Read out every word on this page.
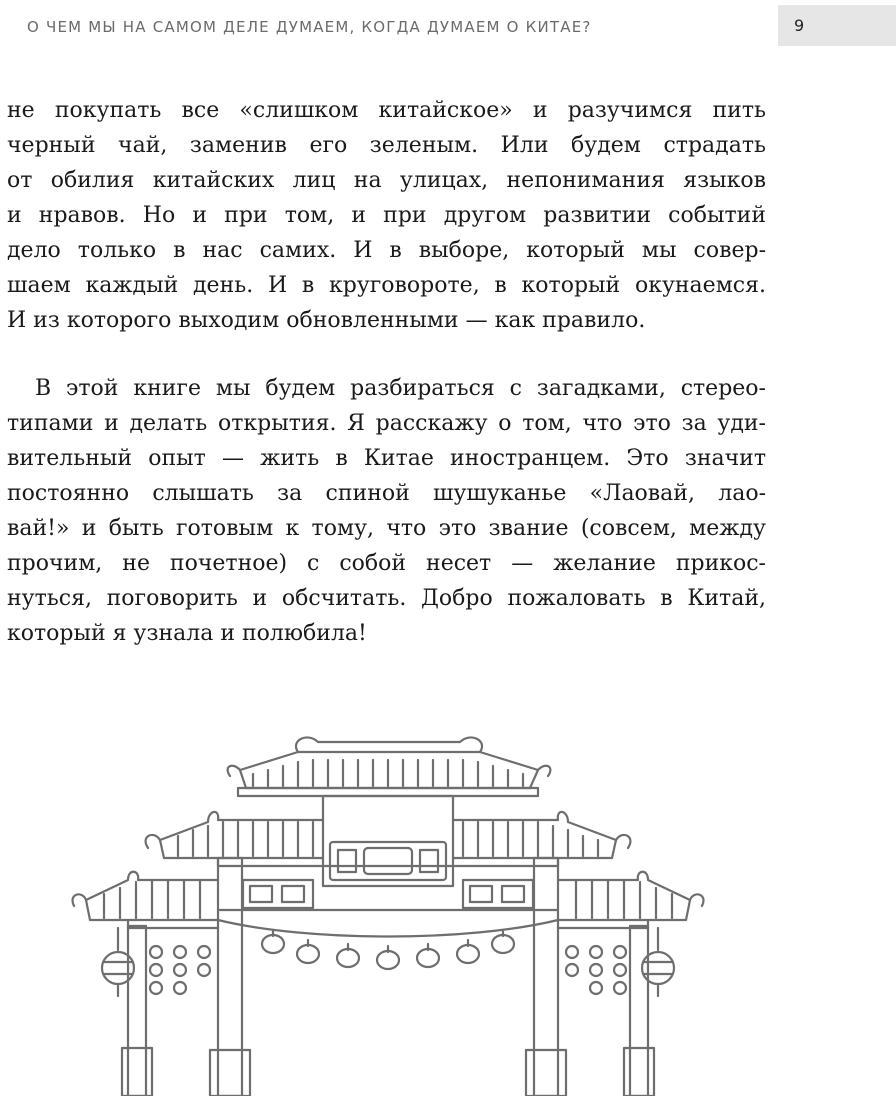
О ЧЕМ МЫ НА САМОМ ДЕЛЕ ДУМАЕМ, КОГДА ДУМАЕМ О КИТАЕ?	9
не покупать все «слишком китайское» и разучимся пить
черный чай, заменив его зеленым. Или будем страдать
от обилия китайских лиц на улицах, непонимания языков
и нравов. Но и при том, и при другом развитии событий
дело только в нас самих. И в выборе, который мы совер-
шаем каждый день. И в круговороте, в который окунаемся.
И из которого выходим обновленными — как правило.
В этой книге мы будем разбираться с загадками, стерео-
типами и делать открытия. Я расскажу о том, что это за уди-
вительный опыт — жить в Китае иностранцем. Это значит
постоянно слышать за спиной шушуканье «Лаовай, лао-
вай!» и быть готовым к тому, что это звание (совсем, между
прочим, не почетное) с собой несет — желание прикос-
нуться, поговорить и обсчитать. Добро пожаловать в Китай,
который я узнала и полюбила!
